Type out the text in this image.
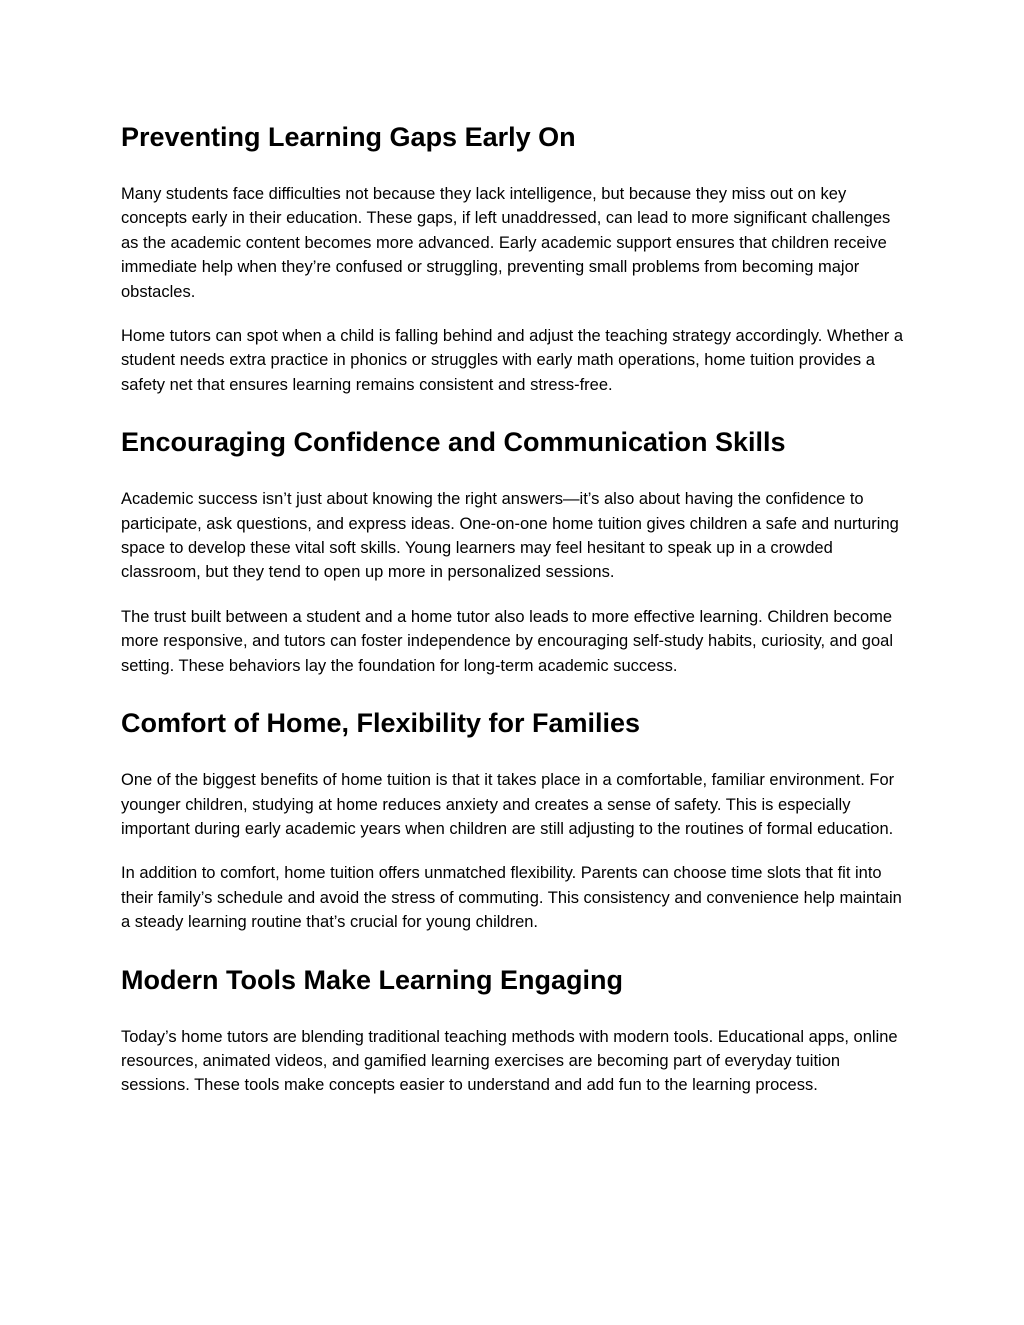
Preventing Learning Gaps Early On

Many students face difficulties not because they lack intelligence, but because they miss out on key concepts early in their education. These gaps, if left unaddressed, can lead to more significant challenges as the academic content becomes more advanced. Early academic support ensures that children receive immediate help when they’re confused or struggling, preventing small problems from becoming major obstacles.

Home tutors can spot when a child is falling behind and adjust the teaching strategy accordingly. Whether a student needs extra practice in phonics or struggles with early math operations, home tuition provides a safety net that ensures learning remains consistent and stress-free.

Encouraging Confidence and Communication Skills

Academic success isn’t just about knowing the right answers—it’s also about having the confidence to participate, ask questions, and express ideas. One-on-one home tuition gives children a safe and nurturing space to develop these vital soft skills. Young learners may feel hesitant to speak up in a crowded classroom, but they tend to open up more in personalized sessions.

The trust built between a student and a home tutor also leads to more effective learning. Children become more responsive, and tutors can foster independence by encouraging self-study habits, curiosity, and goal setting. These behaviors lay the foundation for long-term academic success.

Comfort of Home, Flexibility for Families

One of the biggest benefits of home tuition is that it takes place in a comfortable, familiar environment. For younger children, studying at home reduces anxiety and creates a sense of safety. This is especially important during early academic years when children are still adjusting to the routines of formal education.

In addition to comfort, home tuition offers unmatched flexibility. Parents can choose time slots that fit into their family’s schedule and avoid the stress of commuting. This consistency and convenience help maintain a steady learning routine that’s crucial for young children.

Modern Tools Make Learning Engaging

Today’s home tutors are blending traditional teaching methods with modern tools. Educational apps, online resources, animated videos, and gamified learning exercises are becoming part of everyday tuition sessions. These tools make concepts easier to understand and add fun to the learning process.
